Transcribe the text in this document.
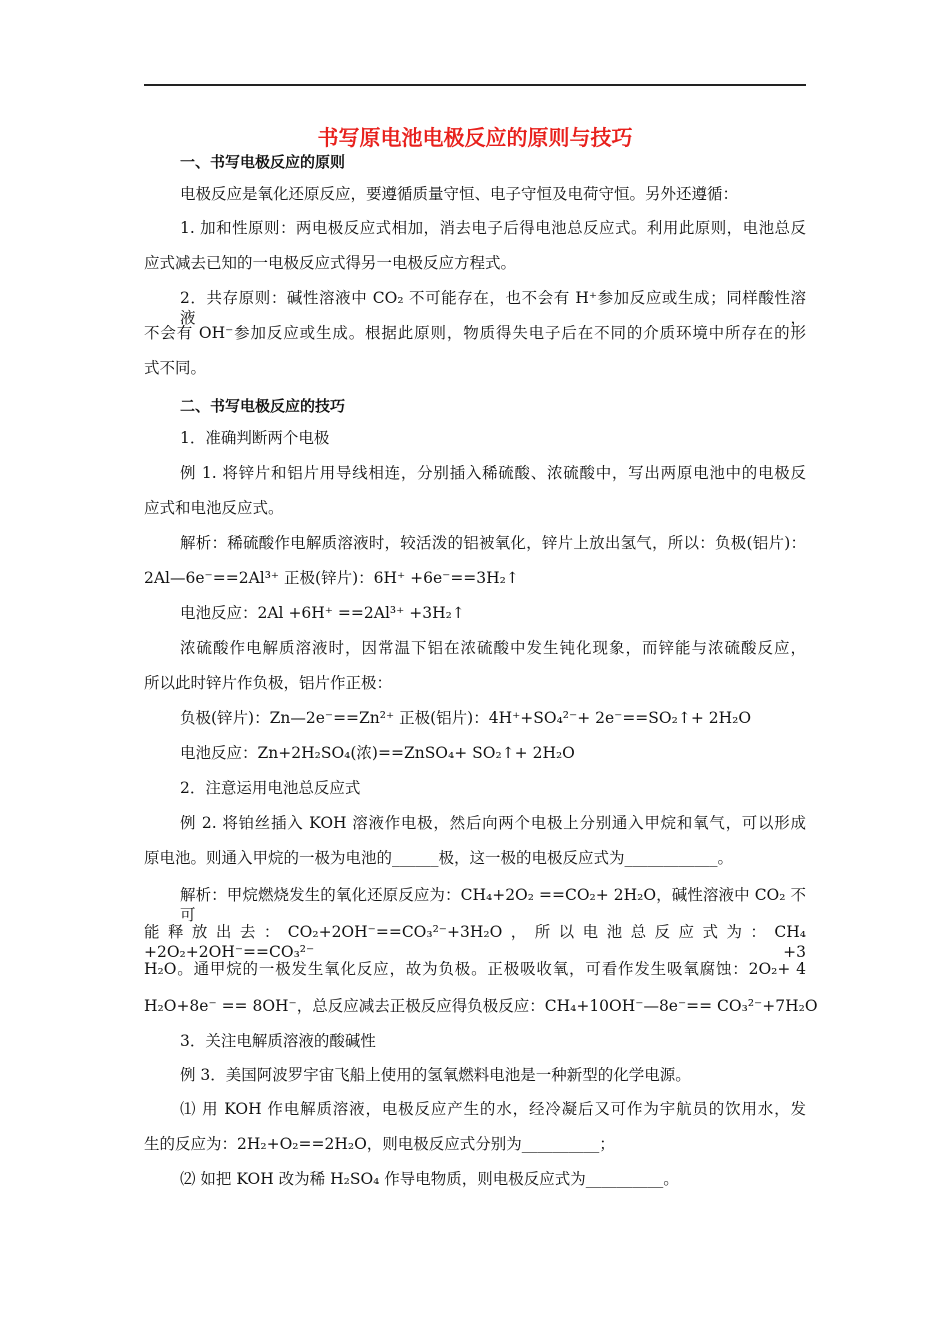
书写原电池电极反应的原则与技巧
一、书写电极反应的原则
电极反应是氧化还原反应，要遵循质量守恒、电子守恒及电荷守恒。另外还遵循：
1. 加和性原则：两电极反应式相加，消去电子后得电池总反应式。利用此原则，电池总反
应式减去已知的一电极反应式得另一电极反应方程式。
2．共存原则：碱性溶液中 CO₂ 不可能存在，也不会有 H⁺参加反应或生成；同样酸性溶液，
不会有 OH⁻参加反应或生成。根据此原则，物质得失电子后在不同的介质环境中所存在的形
式不同。
二、书写电极反应的技巧
1．准确判断两个电极
例 1. 将锌片和铝片用导线相连，分别插入稀硫酸、浓硫酸中，写出两原电池中的电极反
应式和电池反应式。
解析：稀硫酸作电解质溶液时，较活泼的铝被氧化，锌片上放出氢气，所以：负极(铝片)：
2Al—6e⁻==2Al³⁺ 正极(锌片)：6H⁺ +6e⁻==3H₂↑
电池反应：2Al +6H⁺ ==2Al³⁺ +3H₂↑
浓硫酸作电解质溶液时，因常温下铝在浓硫酸中发生钝化现象，而锌能与浓硫酸反应，
所以此时锌片作负极，铝片作正极：
负极(锌片)：Zn—2e⁻==Zn²⁺ 正极(铝片)：4H⁺+SO₄²⁻+ 2e⁻==SO₂↑+ 2H₂O
电池反应：Zn+2H₂SO₄(浓)==ZnSO₄+ SO₂↑+ 2H₂O
2．注意运用电池总反应式
例 2. 将铂丝插入 KOH 溶液作电极，然后向两个电极上分别通入甲烷和氧气，可以形成
原电池。则通入甲烷的一极为电池的______极，这一极的电极反应式为____________。
解析：甲烷燃烧发生的氧化还原反应为：CH₄+2O₂ ==CO₂+ 2H₂O，碱性溶液中 CO₂ 不可
能释放出去：CO₂+2OH⁻==CO₃²⁻+3H₂O，所以电池总反应式为：CH₄ +2O₂+2OH⁻==CO₃²⁻ +3
H₂O。通甲烷的一极发生氧化反应，故为负极。正极吸收氧，可看作发生吸氧腐蚀：2O₂+ 4
H₂O+8e⁻ == 8OH⁻，总反应减去正极反应得负极反应：CH₄+10OH⁻—8e⁻== CO₃²⁻+7H₂O
3．关注电解质溶液的酸碱性
例 3．美国阿波罗宇宙飞船上使用的氢氧燃料电池是一种新型的化学电源。
⑴ 用 KOH 作电解质溶液，电极反应产生的水，经冷凝后又可作为宇航员的饮用水，发
生的反应为：2H₂+O₂==2H₂O，则电极反应式分别为__________；
⑵ 如把 KOH 改为稀 H₂SO₄ 作导电物质，则电极反应式为__________。
